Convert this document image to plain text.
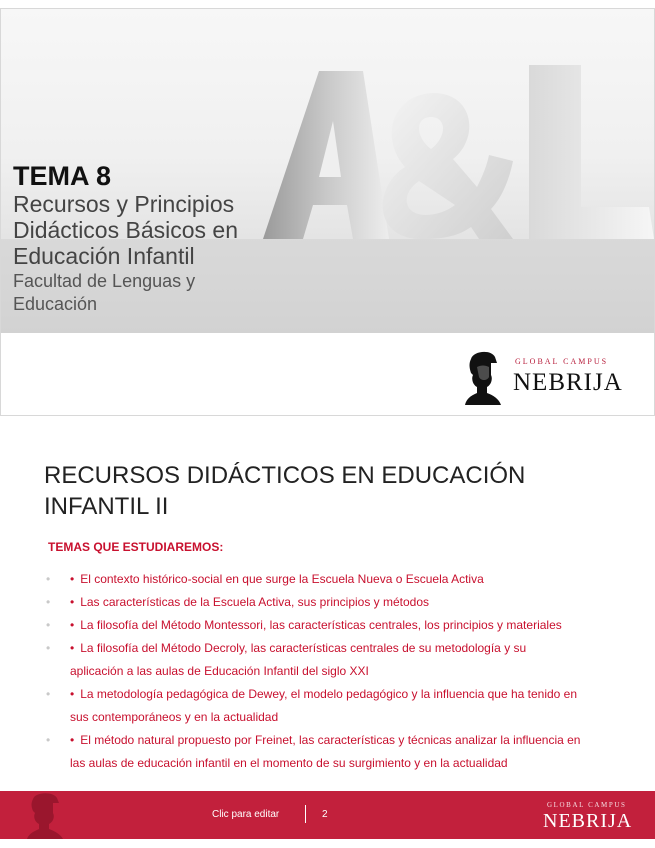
TEMA 8
Recursos y Principios
Didácticos Básicos en
Educación Infantil
Facultad de Lenguas y
Educación
GLOBAL CAMPUS
NEBRIJA
RECURSOS DIDÁCTICOS EN EDUCACIÓN
INFANTIL II
TEMAS QUE ESTUDIAREMOS:
• • El contexto histórico-social en que surge la Escuela Nueva o Escuela Activa
• • Las características de la Escuela Activa, sus principios y métodos
• • La filosofía del Método Montessori, las características centrales, los principios y materiales
• • La filosofía del Método Decroly, las características centrales de su metodología y su
aplicación a las aulas de Educación Infantil del siglo XXI
• • La metodología pedagógica de Dewey, el modelo pedagógico y la influencia que ha tenido en
sus contemporáneos y en la actualidad
• • El método natural propuesto por Freinet, las características y técnicas analizar la influencia en
las aulas de educación infantil en el momento de su surgimiento y en la actualidad
Clic para editar	2
GLOBAL CAMPUS
NEBRIJA
